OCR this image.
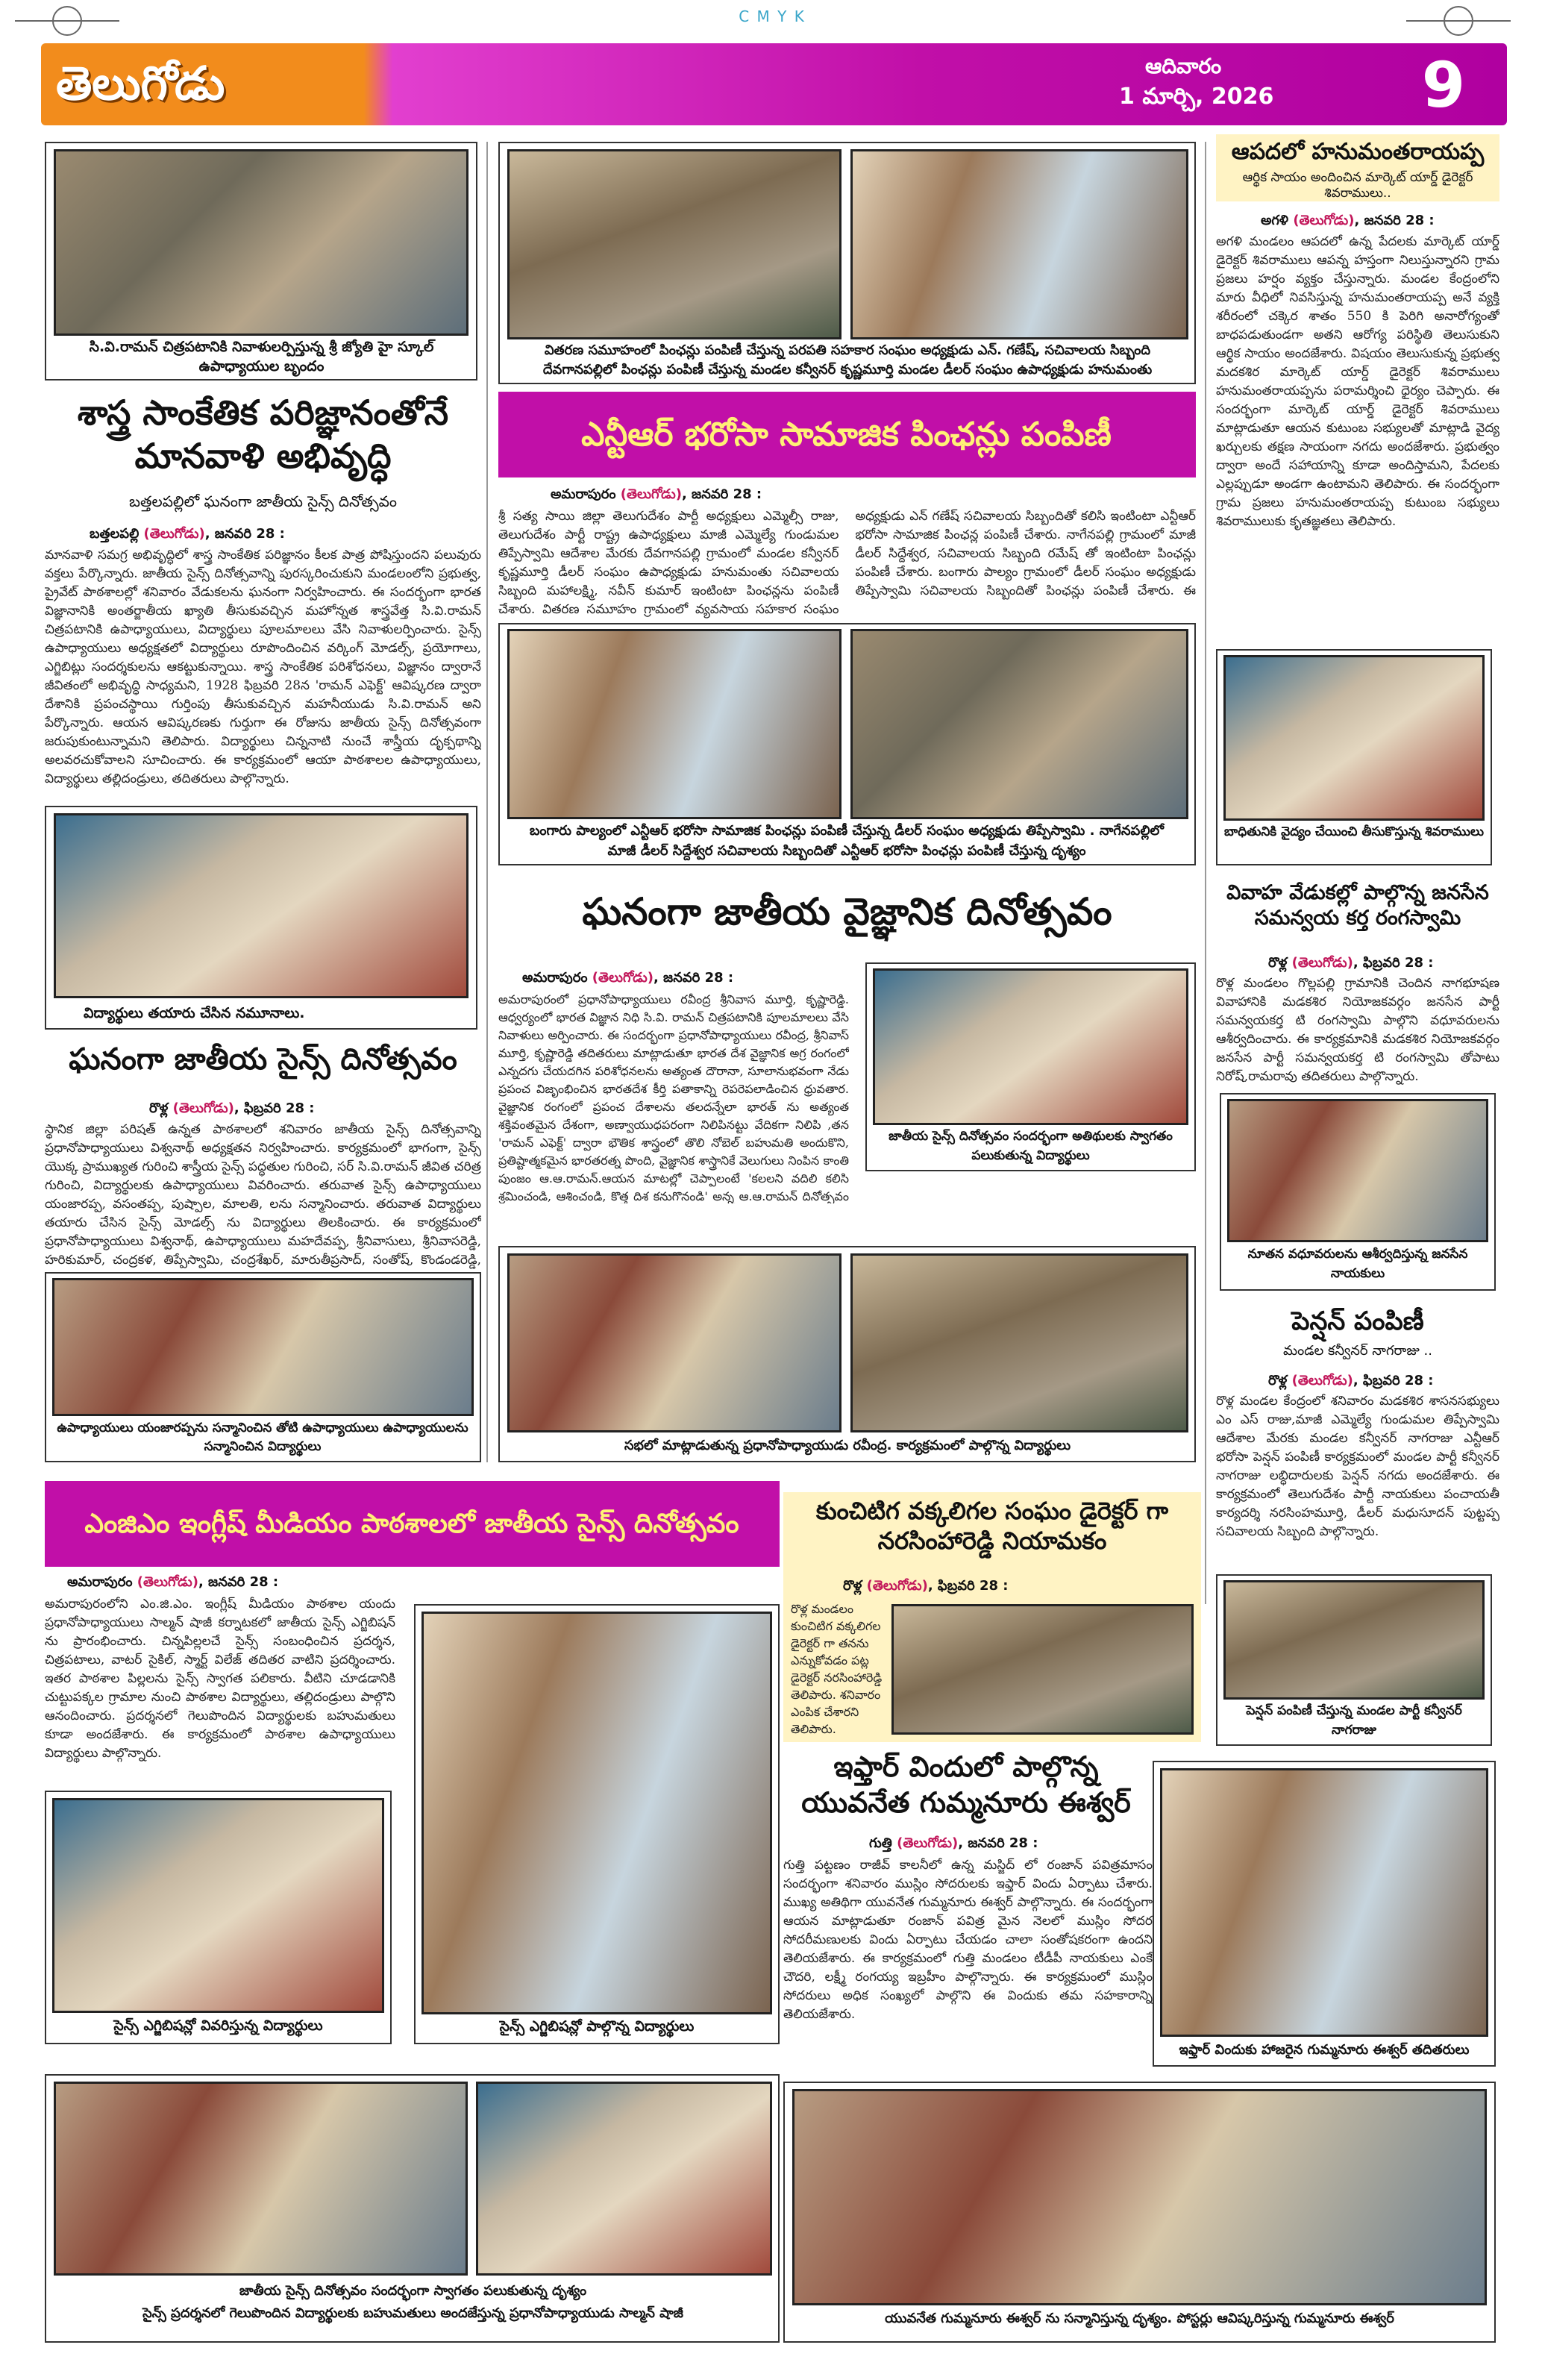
C M Y K
తెలుగోడు	ఆదివారం
1 మార్చి, 2026	9
సి.వి.రామన్ చిత్రపటానికి నివాళులర్పిస్తున్న శ్రీ జ్యోతి హై స్కూల్ ఉపాధ్యాయుల బృందం
శాస్త్ర సాంకేతిక పరిజ్ఞానంతోనే మానవాళి అభివృద్ధి
బత్తలపల్లిలో ఘనంగా జాతీయ సైన్స్ దినోత్సవం
బత్తలపల్లి (తెలుగోడు), జనవరి 28 :
మానవాళి సమగ్ర అభివృద్ధిలో శాస్త్ర సాంకేతిక పరిజ్ఞానం కీలక పాత్ర పోషిస్తుందని పలువురు వక్తలు పేర్కొన్నారు. జాతీయ సైన్స్ దినోత్సవాన్ని పురస్కరించుకుని మండలంలోని ప్రభుత్వ, ప్రైవేట్ పాఠశాలల్లో శనివారం వేడుకలను ఘనంగా నిర్వహించారు. ఈ సందర్భంగా భారత విజ్ఞానానికి అంతర్జాతీయ ఖ్యాతి తీసుకువచ్చిన మహోన్నత శాస్త్రవేత్త సి.వి.రామన్ చిత్రపటానికి ఉపాధ్యాయులు, విద్యార్థులు పూలమాలలు వేసి నివాళులర్పించారు. సైన్స్ ఉపాధ్యాయులు అధ్యక్షతలో విద్యార్థులు రూపొందించిన వర్కింగ్ మోడల్స్, ప్రయోగాలు, ఎగ్జిబిట్లు సందర్శకులను ఆకట్టుకున్నాయి. శాస్త్ర సాంకేతిక పరిశోధనలు, విజ్ఞానం ద్వారానే జీవితంలో అభివృద్ధి సాధ్యమని, 1928 ఫిబ్రవరి 28న 'రామన్ ఎఫెక్ట్' ఆవిష్కరణ ద్వారా దేశానికి ప్రపంచస్థాయి గుర్తింపు తీసుకువచ్చిన మహనీయుడు సి.వి.రామన్ అని పేర్కొన్నారు. ఆయన ఆవిష్కరణకు గుర్తుగా ఈ రోజును జాతీయ సైన్స్ దినోత్సవంగా జరుపుకుంటున్నామని తెలిపారు. విద్యార్థులు చిన్ననాటి నుంచే శాస్త్రీయ దృక్పథాన్ని అలవరచుకోవాలని సూచించారు. ఈ కార్యక్రమంలో ఆయా పాఠశాలల ఉపాధ్యాయులు, విద్యార్థులు తల్లిదండ్రులు, తదితరులు పాల్గొన్నారు.
విద్యార్థులు తయారు చేసిన నమూనాలు.
ఘనంగా జాతీయ సైన్స్ దినోత్సవం
రొళ్ల (తెలుగోడు), ఫిబ్రవరి 28 :
స్థానిక జిల్లా పరిషత్ ఉన్నత పాఠశాలలో శనివారం జాతీయ సైన్స్ దినోత్సవాన్ని ప్రధానోపాధ్యాయులు విశ్వనాథ్ అధ్యక్షతన నిర్వహించారు. కార్యక్రమంలో భాగంగా, సైన్స్ యొక్క ప్రాముఖ్యత గురించి శాస్త్రీయ సైన్స్ పద్ధతుల గురించి, సర్ సి.వి.రామన్ జీవిత చరిత్ర గురించి, విద్యార్థులకు ఉపాధ్యాయులు వివరించారు. తరువాత సైన్స్ ఉపాధ్యాయులు యంజారప్ప, వసంతప్ప, పుష్పాల, మాలతి, లను సన్మానించారు. తరువాత విద్యార్థులు తయారు చేసిన సైన్స్ మోడల్స్ ను విద్యార్థులు తిలకించారు. ఈ కార్యక్రమంలో ప్రధానోపాధ్యాయులు విశ్వనాథ్, ఉపాధ్యాయులు మహదేవప్ప, శ్రీనివాసులు, శ్రీనివాసరెడ్డి, హరికుమార్, చంద్రకళ, తిప్పేస్వామి, చంద్రశేఖర్, మారుతీప్రసాద్, సంతోష్, కొండండరెడ్డి,
ఉపాధ్యాయులు యంజారప్పను సన్మానించిన తోటి ఉపాధ్యాయులు ఉపాధ్యాయులను సన్మానించిన విద్యార్థులు
వితరణ సమూహంలో పింఛన్లు పంపిణీ చేస్తున్న పరపతి సహకార సంఘం అధ్యక్షుడు ఎన్. గణేష్, సచివాలయ సిబ్బంది
దేవగానపల్లిలో పింఛన్లు పంపిణీ చేస్తున్న మండల కన్వీనర్ కృష్ణమూర్తి మండల డీలర్ సంఘం ఉపాధ్యక్షుడు హనుమంతు
ఎన్టీఆర్ భరోసా సామాజిక పింఛన్లు పంపిణీ
అమరాపురం (తెలుగోడు), జనవరి 28 :
శ్రీ సత్య సాయి జిల్లా తెలుగుదేశం పార్టీ అధ్యక్షులు ఎమ్మెల్సీ రాజు, తెలుగుదేశం పార్టీ రాష్ట్ర ఉపాధ్యక్షులు మాజీ ఎమ్మెల్యే గుండుమల తిప్పేస్వామి ఆదేశాల మేరకు దేవగానపల్లి గ్రామంలో మండల కన్వీనర్ కృష్ణమూర్తి డీలర్ సంఘం ఉపాధ్యక్షుడు హనుమంతు సచివాలయ సిబ్బంది మహాలక్ష్మి, నవీన్ కుమార్ ఇంటింటా పింఛన్లను పంపిణీ చేశారు. వితరణ సమూహం గ్రామంలో వ్యవసాయ సహకార సంఘం అధ్యక్షుడు ఎన్ గణేష్ సచివాలయ సిబ్బందితో కలిసి ఇంటింటా ఎన్టీఆర్ భరోసా సామాజిక పింఛన్ల పంపిణీ చేశారు. నాగేనపల్లి గ్రామంలో మాజీ డీలర్ సిద్దేశ్వర, సచివాలయ సిబ్బంది రమేష్ తో ఇంటింటా పింఛన్లు పంపిణీ చేశారు. బంగారు పాల్యం గ్రామంలో డీలర్ సంఘం అధ్యక్షుడు తిప్పేస్వామి సచివాలయ సిబ్బందితో పింఛన్లు పంపిణీ చేశారు. ఈ
బంగారు పాల్యంలో ఎన్టీఆర్ భరోసా సామాజిక పింఛన్లు పంపిణీ చేస్తున్న డీలర్ సంఘం అధ్యక్షుడు తిప్పేస్వామి . నాగేనపల్లిలో మాజీ డీలర్ సిద్దేశ్వర సచివాలయ సిబ్బందితో ఎన్టీఆర్ భరోసా పింఛన్లు పంపిణీ చేస్తున్న దృశ్యం
ఘనంగా జాతీయ వైజ్ఞానిక దినోత్సవం
అమరాపురం (తెలుగోడు), జనవరి 28 :
అమరాపురంలో ప్రధానోపాధ్యాయులు రవీంద్ర శ్రీనివాస మూర్తి, కృష్ణారెడ్డి. ఆధ్వర్యంలో భారత విజ్ఞాన నిధి సి.వి. రామన్ చిత్రపటానికి పూలమాలలు వేసి నివాళులు అర్పించారు. ఈ సందర్భంగా ప్రధానోపాధ్యాయులు రవీంద్ర, శ్రీనివాస్ మూర్తి, కృష్ణారెడ్డి తదితరులు మాట్లాడుతూ భారత దేశ వైజ్ఞానిక అగ్ర రంగంలో ఎన్నదగు చేయదగిన పరిశోధనలను అత్యంత దౌరానా, సూలానుభవంగా నేడు ప్రపంచ విజృంభించిన భారతదేశ కీర్తి పతాకాన్ని రెపరెపలాడించిన ధ్రువతార. వైజ్ఞానిక రంగంలో ప్రపంచ దేశాలను తలదన్నేలా భారత్ ను అత్యంత శక్తివంతమైన దేశంగా, అణ్వాయుధపరంగా నిలిపినట్టు వేదికగా నిలిపి ,తన 'రామన్ ఎఫెక్ట్' ద్వారా భౌతిక శాస్త్రంలో తొలి నోబెల్ బహుమతి అందుకొని, ప్రతిష్టాత్మకమైన భారతరత్న పొంది, వైజ్ఞానిక శాస్త్రానికే వెలుగులు నింపిన కాంతి పుంజం ఆ.ఆ.రామన్.ఆయన మాటల్లో చెప్పాలంటే 'కలలని వదిలి కలిసి శ్రమించండి, ఆశించండి, కొత్త దిశ కనుగొనండి' అన్న ఆ.ఆ.రామన్ దినోత్సవం
జాతీయ సైన్స్ దినోత్సవం సందర్భంగా అతిథులకు స్వాగతం పలుకుతున్న విద్యార్థులు
సభలో మాట్లాడుతున్న ప్రధానోపాధ్యాయుడు రవీంద్ర. కార్యక్రమంలో పాల్గొన్న విద్యార్థులు
ఎంజిఎం ఇంగ్లీష్ మీడియం పాఠశాలలో జాతీయ సైన్స్ దినోత్సవం
అమరాపురం (తెలుగోడు), జనవరి 28 :
అమరాపురంలోని ఎం.జి.ఎం. ఇంగ్లీష్ మీడియం పాఠశాల యందు ప్రధానోపాధ్యాయులు సాల్మన్ షాజీ కర్నాటకలో జాతీయ సైన్స్ ఎగ్జిబిషన్ ను ప్రారంభించారు. చిన్నపిల్లలచే సైన్స్ సంబంధించిన ప్రదర్శన, చిత్రపటాలు, వాటర్ సైకిల్, స్మార్ట్ విలేజ్ తదితర వాటిని ప్రదర్శించారు. ఇతర పాఠశాల పిల్లలను సైన్స్ స్వాగత పలికారు. వీటిని చూడడానికి చుట్టుపక్కల గ్రామాల నుంచి పాఠశాల విద్యార్థులు, తల్లిదండ్రులు పాల్గొని ఆనందించారు. ప్రదర్శనలో గెలుపొందిన విద్యార్థులకు బహుమతులు కూడా అందజేశారు. ఈ కార్యక్రమంలో పాఠశాల ఉపాధ్యాయులు విద్యార్థులు పాల్గొన్నారు.
సైన్స్ ఎగ్జిబిషన్లో వివరిస్తున్న విద్యార్థులు	సైన్స్ ఎగ్జిబిషన్లో పాల్గొన్న విద్యార్థులు
జాతీయ సైన్స్ దినోత్సవం సందర్భంగా స్వాగతం పలుకుతున్న దృశ్యం
సైన్స్ ప్రదర్శనలో గెలుపొందిన విద్యార్థులకు బహుమతులు అందజేస్తున్న ప్రధానోపాధ్యాయుడు సాల్మన్ షాజీ
కుంచిటిగ వక్కలిగల సంఘం డైరెక్టర్ గా నరసింహారెడ్డి నియామకం
రొళ్ల (తెలుగోడు), ఫిబ్రవరి 28 :
రొళ్ల మండలం కుంచిటిగ వక్కలిగల డైరెక్టర్ గా తనను ఎన్నుకోవడం పట్ల డైరెక్టర్ నరసింహారెడ్డి తెలిపారు. శనివారం ఎంపిక చేశారని తెలిపారు.
ఇఫ్తార్ విందులో పాల్గొన్న యువనేత గుమ్మనూరు ఈశ్వర్
గుత్తి (తెలుగోడు), జనవరి 28 :
గుత్తి పట్టణం రాజీవ్ కాలనీలో ఉన్న మస్జిద్ లో రంజాన్ పవిత్రమాసం సందర్భంగా శనివారం ముస్లిం సోదరులకు ఇఫ్తార్ విందు ఏర్పాటు చేశారు. ముఖ్య అతిథిగా యువనేత గుమ్మనూరు ఈశ్వర్ పాల్గొన్నారు. ఈ సందర్భంగా ఆయన మాట్లాడుతూ రంజాన్ పవిత్ర మైన నెలలో ముస్లిం సోదర సోదరీమణులకు విందు ఏర్పాటు చేయడం చాలా సంతోషకరంగా ఉందని తెలియజేశారు. ఈ కార్యక్రమంలో గుత్తి మండలం టీడీపీ నాయకులు ఎంకే చౌదరి, లక్ష్మీ రంగయ్య ఇబ్రహీం పాల్గొన్నారు. ఈ కార్యక్రమంలో ముస్లిం సోదరులు అధిక సంఖ్యలో పాల్గొని ఈ విందుకు తమ సహకారాన్ని తెలియజేశారు.
ఇఫ్తార్ విందుకు హాజరైన గుమ్మనూరు ఈశ్వర్ తదితరులు
యువనేత గుమ్మనూరు ఈశ్వర్ ను సన్మానిస్తున్న దృశ్యం. పోస్టర్లు ఆవిష్కరిస్తున్న గుమ్మనూరు ఈశ్వర్
ఆపదలో హనుమంతరాయప్ప
ఆర్థిక సాయం అందించిన మార్కెట్ యార్డ్ డైరెక్టర్ శివరాములు..
అగళి (తెలుగోడు), జనవరి 28 :
అగళి మండలం ఆపదలో ఉన్న పేదలకు మార్కెట్ యార్డ్ డైరెక్టర్ శివరాములు ఆపన్న హస్తంగా నిలుస్తున్నారని గ్రామ ప్రజలు హర్షం వ్యక్తం చేస్తున్నారు. మండల కేంద్రంలోని మారు వీధిలో నివసిస్తున్న హనుమంతరాయప్ప అనే వ్యక్తి శరీరంలో చక్కెర శాతం 550 కి పెరిగి అనారోగ్యంతో బాధపడుతుండగా అతని ఆరోగ్య పరిస్థితి తెలుసుకుని ఆర్థిక సాయం అందజేశారు. విషయం తెలుసుకున్న ప్రభుత్వ మదకశిర మార్కెట్ యార్డ్ డైరెక్టర్ శివరాములు హనుమంతరాయప్పను పరామర్శించి ధైర్యం చెప్పారు. ఈ సందర్భంగా మార్కెట్ యార్డ్ డైరెక్టర్ శివరాములు మాట్లాడుతూ ఆయన కుటుంబ సభ్యులతో మాట్లాడి వైద్య ఖర్చులకు తక్షణ సాయంగా నగదు అందజేశారు. ప్రభుత్వం ద్వారా అందే సహాయాన్ని కూడా అందిస్తామని, పేదలకు ఎల్లప్పుడూ అండగా ఉంటామని తెలిపారు. ఈ సందర్భంగా గ్రామ ప్రజలు హనుమంతరాయప్ప కుటుంబ సభ్యులు శివరాములుకు కృతజ్ఞతలు తెలిపారు.
బాధితునికి వైద్యం చేయించి తీసుకొస్తున్న శివరాములు
వివాహ వేడుకల్లో పాల్గొన్న జనసేన సమన్వయ కర్త రంగస్వామి
రొళ్ల (తెలుగోడు), ఫిబ్రవరి 28 :
రొళ్ల మండలం గొల్లపల్లి గ్రామానికి చెందిన నాగభూషణ వివాహానికి మడకశిర నియోజకవర్గం జనసేన పార్టీ సమన్వయకర్త టి రంగస్వామి పాల్గొని వధూవరులను ఆశీర్వదించారు. ఈ కార్యక్రమానికి మడకశిర నియోజకవర్గం జనసేన పార్టీ సమన్వయకర్త టి రంగస్వామి తోపాటు నిరోష్,రామరావు తదితరులు పాల్గొన్నారు.
నూతన వధూవరులను ఆశీర్వదిస్తున్న జనసేన నాయకులు
పెన్షన్ పంపిణీ
మండల కన్వీనర్ నాగరాజు ..
రొళ్ల (తెలుగోడు), ఫిబ్రవరి 28 :
రొళ్ల మండల కేంద్రంలో శనివారం మడకశిర శాసనసభ్యులు ఎం ఎస్ రాజు,మాజీ ఎమ్మెల్యే గుండుమల తిప్పేస్వామి ఆదేశాల మేరకు మండల కన్వీనర్ నాగరాజు ఎన్టీఆర్ భరోసా పెన్షన్ పంపిణీ కార్యక్రమంలో మండల పార్టీ కన్వీనర్ నాగరాజు లబ్ధిదారులకు పెన్షన్ నగదు అందజేశారు. ఈ కార్యక్రమంలో తెలుగుదేశం పార్టీ నాయకులు పంచాయతీ కార్యదర్శి నరసింహమూర్తి, డీలర్ మధుసూదన్ పుట్టప్ప సచివాలయ సిబ్బంది పాల్గొన్నారు.
పెన్షన్ పంపిణీ చేస్తున్న మండల పార్టీ కన్వీనర్ నాగరాజు
